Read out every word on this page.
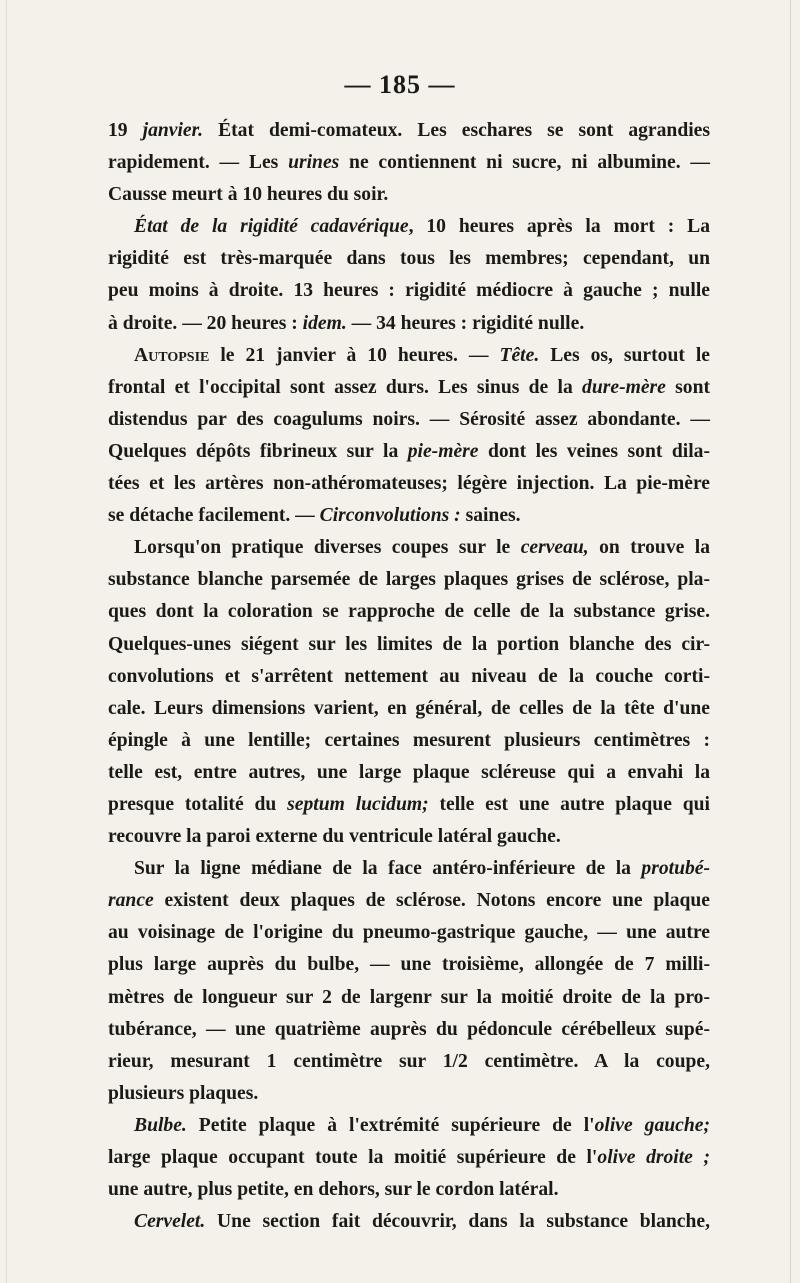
— 185 —
19 janvier. État demi-comateux. Les eschares se sont agrandies
rapidement. — Les urines ne contiennent ni sucre, ni albumine. —
Causse meurt à 10 heures du soir.
État de la rigidité cadavérique, 10 heures après la mort : La
rigidité est très-marquée dans tous les membres; cependant, un
peu moins à droite. 13 heures : rigidité médiocre à gauche ; nulle
à droite. — 20 heures : idem. — 34 heures : rigidité nulle.
Autopsie le 21 janvier à 10 heures. — Tête. Les os, surtout le
frontal et l'occipital sont assez durs. Les sinus de la dure-mère sont
distendus par des coagulums noirs. — Sérosité assez abondante. —
Quelques dépôts fibrineux sur la pie-mère dont les veines sont dila-
tées et les artères non-athéromateuses; légère injection. La pie-mère
se détache facilement. — Circonvolutions : saines.
Lorsqu'on pratique diverses coupes sur le cerveau, on trouve la
substance blanche parsemée de larges plaques grises de sclérose, pla-
ques dont la coloration se rapproche de celle de la substance grise.
Quelques-unes siégent sur les limites de la portion blanche des cir-
convolutions et s'arrêtent nettement au niveau de la couche corti-
cale. Leurs dimensions varient, en général, de celles de la tête d'une
épingle à une lentille; certaines mesurent plusieurs centimètres :
telle est, entre autres, une large plaque scléreuse qui a envahi la
presque totalité du septum lucidum; telle est une autre plaque qui
recouvre la paroi externe du ventricule latéral gauche.
Sur la ligne médiane de la face antéro-inférieure de la protubé-
rance existent deux plaques de sclérose. Notons encore une plaque
au voisinage de l'origine du pneumo-gastrique gauche, — une autre
plus large auprès du bulbe, — une troisième, allongée de 7 milli-
mètres de longueur sur 2 de largenr sur la moitié droite de la pro-
tubérance, — une quatrième auprès du pédoncule cérébelleux supé-
rieur, mesurant 1 centimètre sur 1/2 centimètre. A la coupe,
plusieurs plaques.
Bulbe. Petite plaque à l'extrémité supérieure de l'olive gauche;
large plaque occupant toute la moitié supérieure de l'olive droite ;
une autre, plus petite, en dehors, sur le cordon latéral.
Cervelet. Une section fait découvrir, dans la substance blanche,
